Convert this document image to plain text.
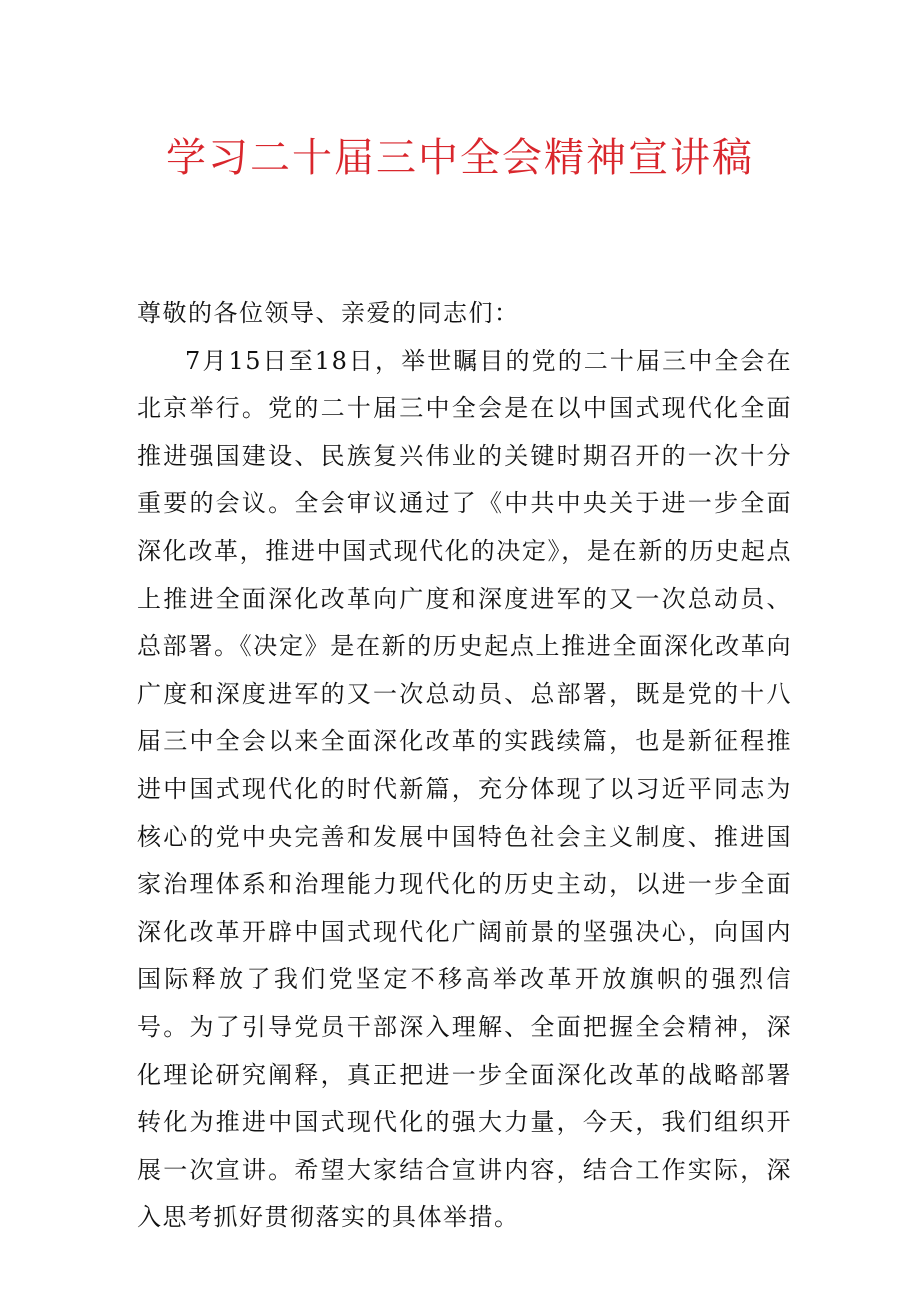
学习二十届三中全会精神宣讲稿

尊敬的各位领导、亲爱的同志们：

7月15日至18日，举世瞩目的党的二十届三中全会在北京举行。党的二十届三中全会是在以中国式现代化全面推进强国建设、民族复兴伟业的关键时期召开的一次十分重要的会议。全会审议通过了《中共中央关于进一步全面深化改革，推进中国式现代化的决定》，是在新的历史起点上推进全面深化改革向广度和深度进军的又一次总动员、总部署。《决定》是在新的历史起点上推进全面深化改革向广度和深度进军的又一次总动员、总部署，既是党的十八届三中全会以来全面深化改革的实践续篇，也是新征程推进中国式现代化的时代新篇，充分体现了以习近平同志为核心的党中央完善和发展中国特色社会主义制度、推进国家治理体系和治理能力现代化的历史主动，以进一步全面深化改革开辟中国式现代化广阔前景的坚强决心，向国内国际释放了我们党坚定不移高举改革开放旗帜的强烈信号。为了引导党员干部深入理解、全面把握全会精神，深化理论研究阐释，真正把进一步全面深化改革的战略部署转化为推进中国式现代化的强大力量，今天，我们组织开展一次宣讲。希望大家结合宣讲内容，结合工作实际，深入思考抓好贯彻落实的具体举措。
